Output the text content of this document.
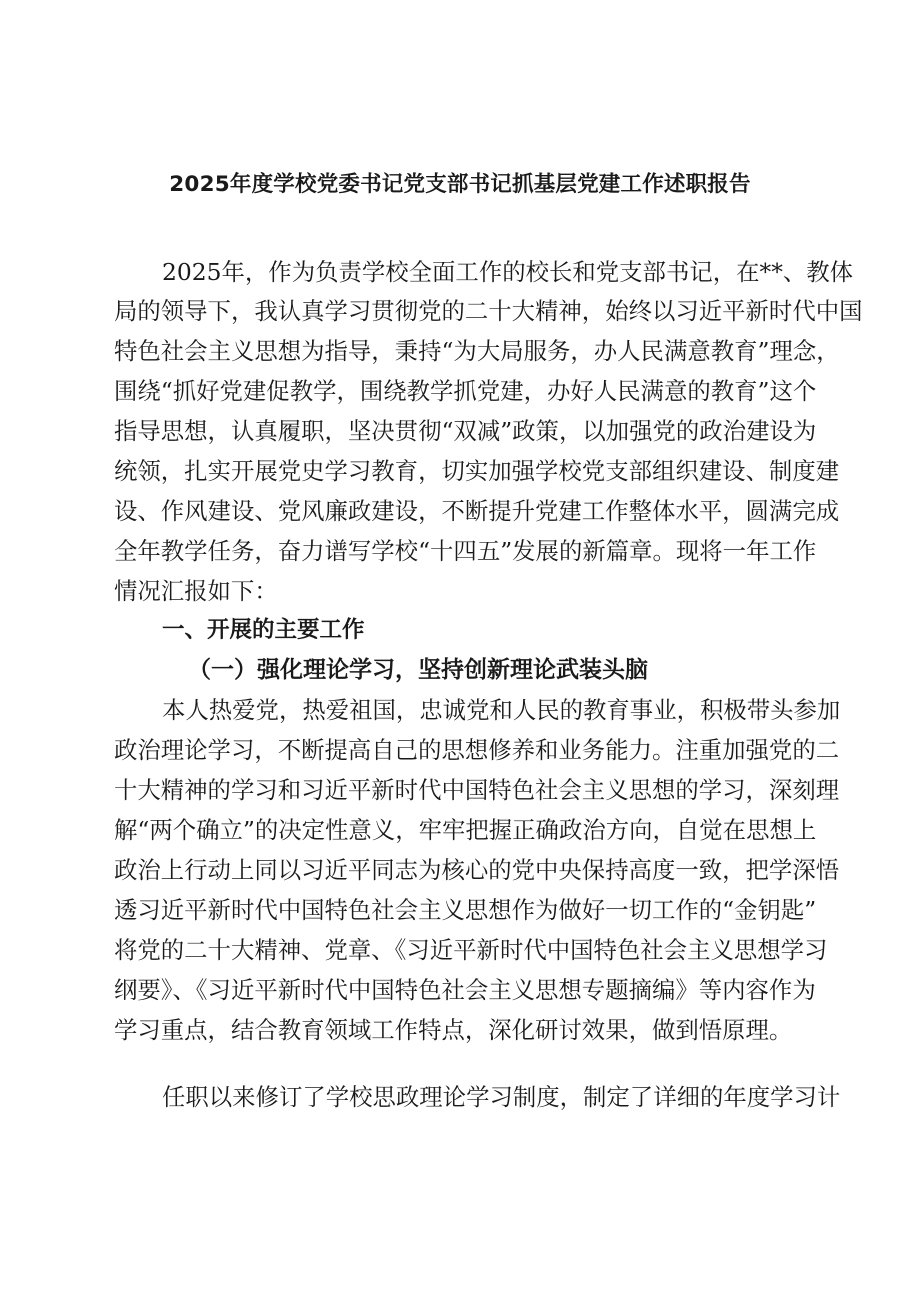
2025年度学校党委书记党支部书记抓基层党建工作述职报告

2025年，作为负责学校全面工作的校长和党支部书记，在**、教体

局的领导下，我认真学习贯彻党的二十大精神，始终以习近平新时代中国

特色社会主义思想为指导，秉持“为大局服务，办人民满意教育”理念，

围绕“抓好党建促教学，围绕教学抓党建，办好人民满意的教育”这个

指导思想，认真履职，坚决贯彻“双减”政策，以加强党的政治建设为

统领，扎实开展党史学习教育，切实加强学校党支部组织建设、制度建

设、作风建设、党风廉政建设，不断提升党建工作整体水平，圆满完成

全年教学任务，奋力谱写学校“十四五”发展的新篇章。现将一年工作

情况汇报如下：

一、开展的主要工作
（一）强化理论学习，坚持创新理论武装头脑

本人热爱党，热爱祖国，忠诚党和人民的教育事业，积极带头参加

政治理论学习，不断提高自己的思想修养和业务能力。注重加强党的二

十大精神的学习和习近平新时代中国特色社会主义思想的学习，深刻理

解“两个确立”的决定性意义，牢牢把握正确政治方向，自觉在思想上

政治上行动上同以习近平同志为核心的党中央保持高度一致，把学深悟

透习近平新时代中国特色社会主义思想作为做好一切工作的“金钥匙”

将党的二十大精神、党章、《习近平新时代中国特色社会主义思想学习

纲要》、《习近平新时代中国特色社会主义思想专题摘编》等内容作为

学习重点，结合教育领域工作特点，深化研讨效果，做到悟原理。

任职以来修订了学校思政理论学习制度，制定了详细的年度学习计
